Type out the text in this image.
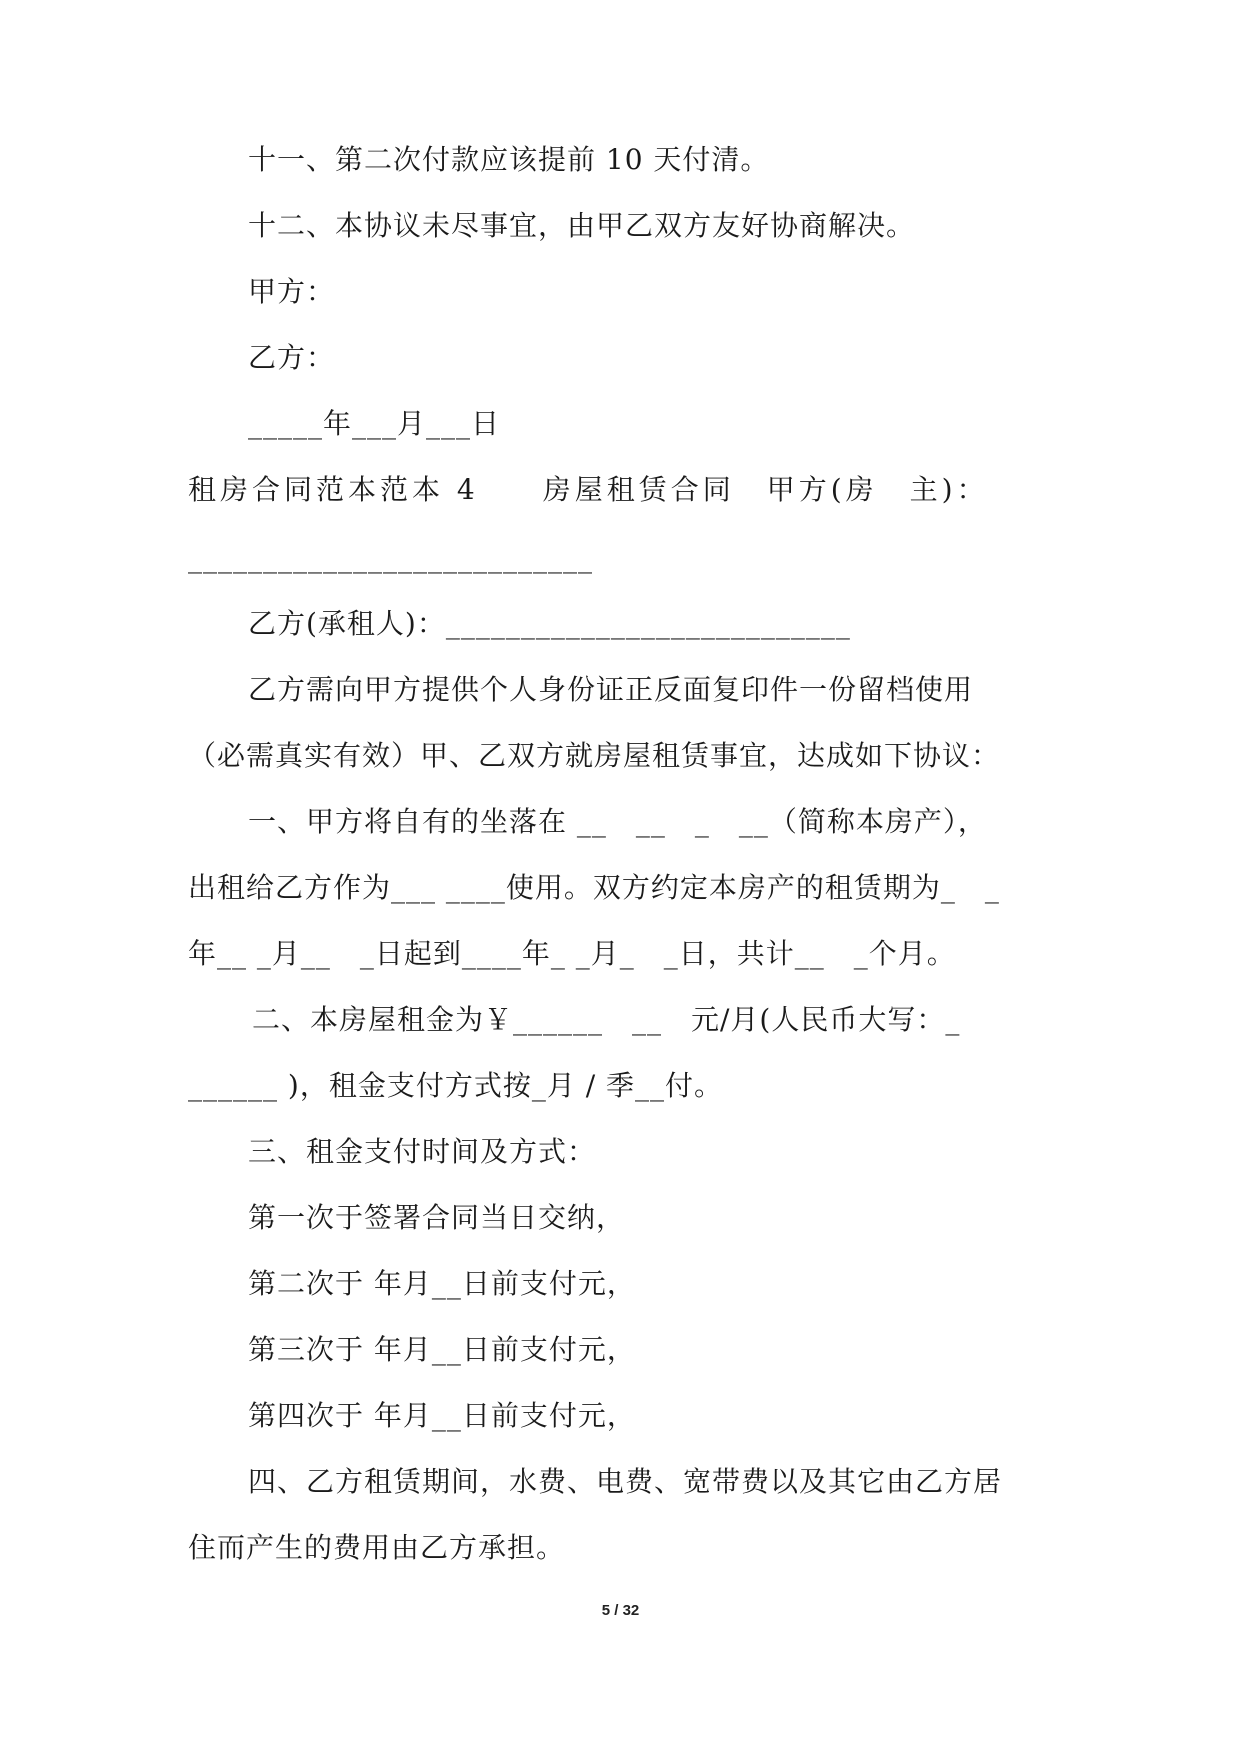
十一、第二次付款应该提前 10 天付清。
十二、本协议未尽事宜，由甲乙双方友好协商解决。
甲方：
乙方：
_____年___月___日
租房合同范本范本 4　　房屋租赁合同　甲方(房　主)：
___________________________
乙方(承租人)：___________________________
乙方需向甲方提供个人身份证正反面复印件一份留档使用
（必需真实有效）甲、乙双方就房屋租赁事宜，达成如下协议：
一、甲方将自有的坐落在 __　__　_　__（简称本房产），
出租给乙方作为___ ____使用。双方约定本房产的租赁期为_　_
年__ _月__　_日起到____年_ _月_　_日，共计__　_个月。
二、本房屋租金为￥______　__　元/月(人民币大写：_
______ )，租金支付方式按_月 / 季__付。
三、租金支付时间及方式：
第一次于签署合同当日交纳，
第二次于 年月__日前支付元，
第三次于 年月__日前支付元，
第四次于 年月__日前支付元，
四、乙方租赁期间，水费、电费、宽带费以及其它由乙方居
住而产生的费用由乙方承担。
5 / 32
